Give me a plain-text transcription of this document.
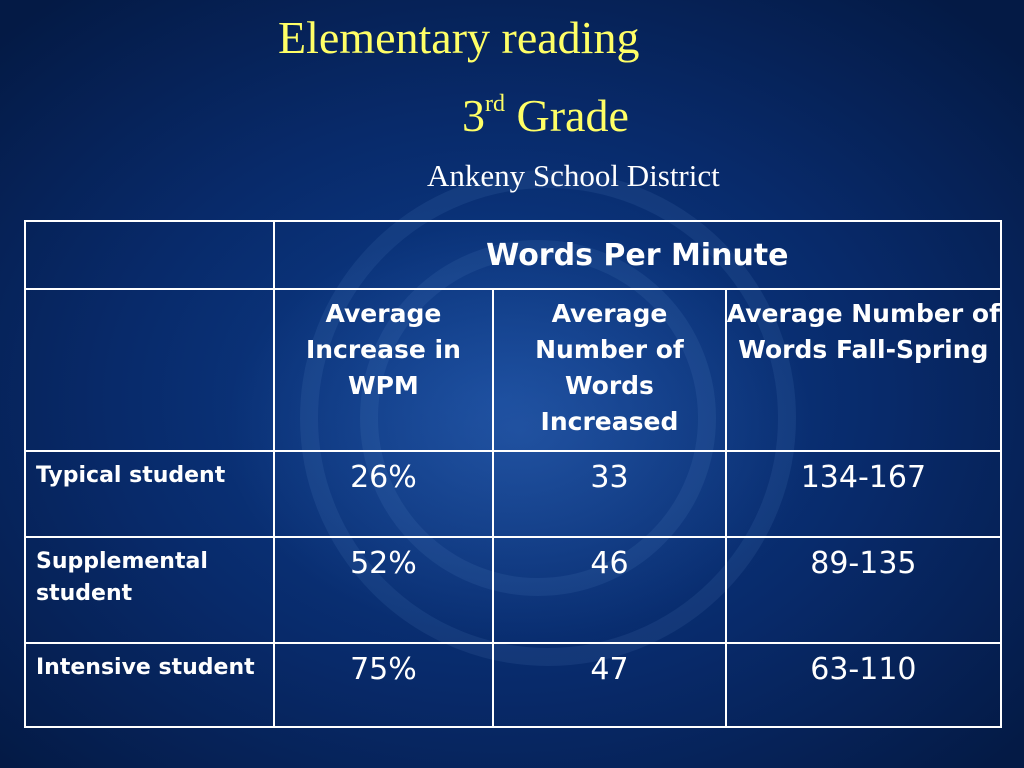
Elementary reading
3rd Grade
Ankeny School District
	Words Per Minute		
	Average Increase in WPM	Average Number of Words Increased	Average Number of Words Fall-Spring
Typical student	26%	33	134-167
Supplemental student	52%	46	89-135
Intensive student	75%	47	63-110
